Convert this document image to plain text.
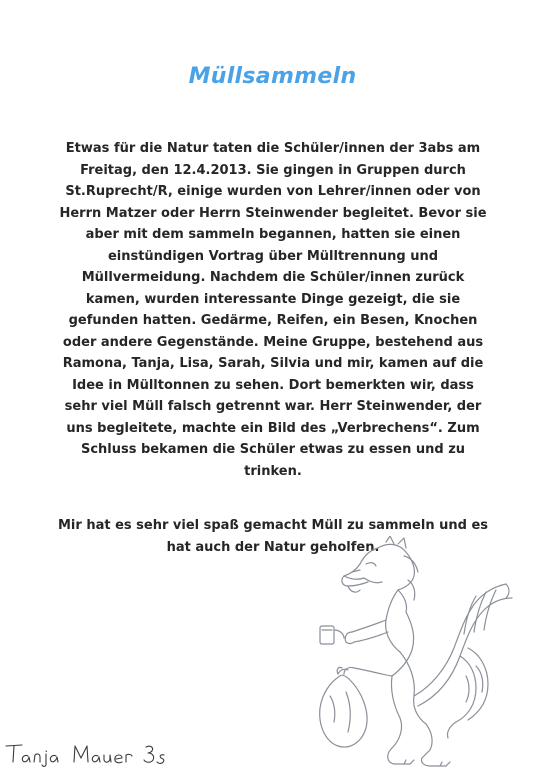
Müllsammeln
Etwas für die Natur taten die Schüler/innen der 3abs am
Freitag, den 12.4.2013. Sie gingen in Gruppen durch
St.Ruprecht/R, einige wurden von Lehrer/innen oder von
Herrn Matzer oder Herrn Steinwender begleitet. Bevor sie
aber mit dem sammeln begannen, hatten sie einen
einstündigen Vortrag über Mülltrennung und
Müllvermeidung. Nachdem die Schüler/innen zurück
kamen, wurden interessante Dinge gezeigt, die sie
gefunden hatten. Gedärme, Reifen, ein Besen, Knochen
oder andere Gegenstände. Meine Gruppe, bestehend aus
Ramona, Tanja, Lisa, Sarah, Silvia und mir, kamen auf die
Idee in Mülltonnen zu sehen. Dort bemerkten wir, dass
sehr viel Müll falsch getrennt war. Herr Steinwender, der
uns begleitete, machte ein Bild des „Verbrechens“. Zum
Schluss bekamen die Schüler etwas zu essen und zu
trinken.
Mir hat es sehr viel spaß gemacht Müll zu sammeln und es
hat auch der Natur geholfen.
